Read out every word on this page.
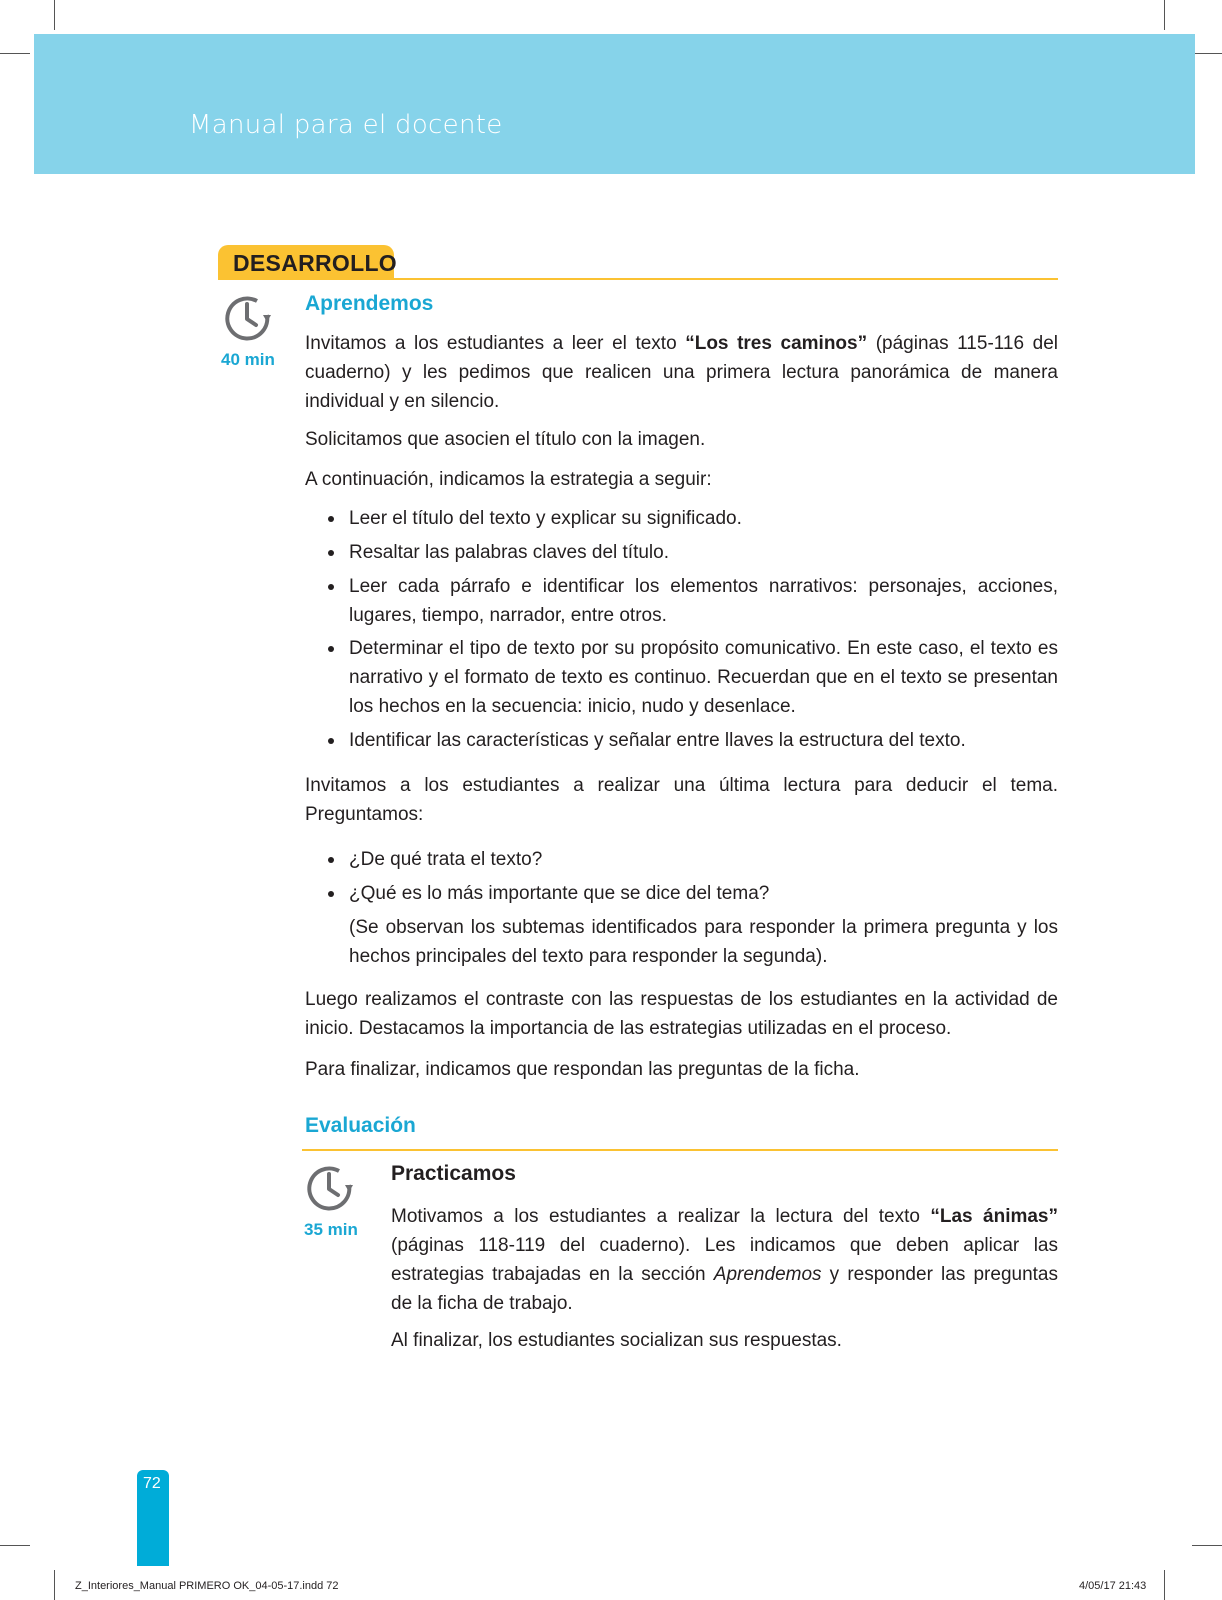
Manual para el docente
DESARROLLO
40 min
Aprendemos
Invitamos a los estudiantes a leer el texto “Los tres caminos” (páginas 115-116 del cuaderno) y les pedimos que realicen una primera lectura panorámica de manera individual y en silencio.
Solicitamos que asocien el título con la imagen.
A continuación, indicamos la estrategia a seguir:
Leer el título del texto y explicar su significado.
Resaltar las palabras claves del título.
Leer cada párrafo e identificar los elementos narrativos: personajes, acciones, lugares, tiempo, narrador, entre otros.
Determinar el tipo de texto por su propósito comunicativo. En este caso, el texto es narrativo y el formato de texto es continuo. Recuerdan que en el texto se presentan los hechos en la secuencia: inicio, nudo y desenlace.
Identificar las características y señalar entre llaves la estructura del texto.
Invitamos a los estudiantes a realizar una última lectura para deducir el tema. Preguntamos:
¿De qué trata el texto?
¿Qué es lo más importante que se dice del tema?
(Se observan los subtemas identificados para responder la primera pregunta y los hechos principales del texto para responder la segunda).
Luego realizamos el contraste con las respuestas de los estudiantes en la actividad de inicio. Destacamos la importancia de las estrategias utilizadas en el proceso.
Para finalizar, indicamos que respondan las preguntas de la ficha.
Evaluación
35 min
Practicamos
Motivamos a los estudiantes a realizar la lectura del texto “Las ánimas” (páginas 118-119 del cuaderno). Les indicamos que deben aplicar las estrategias trabajadas en la sección Aprendemos y responder las preguntas de la ficha de trabajo.
Al finalizar, los estudiantes socializan sus respuestas.
72
Z_Interiores_Manual PRIMERO OK_04-05-17.indd 72	4/05/17 21:43
